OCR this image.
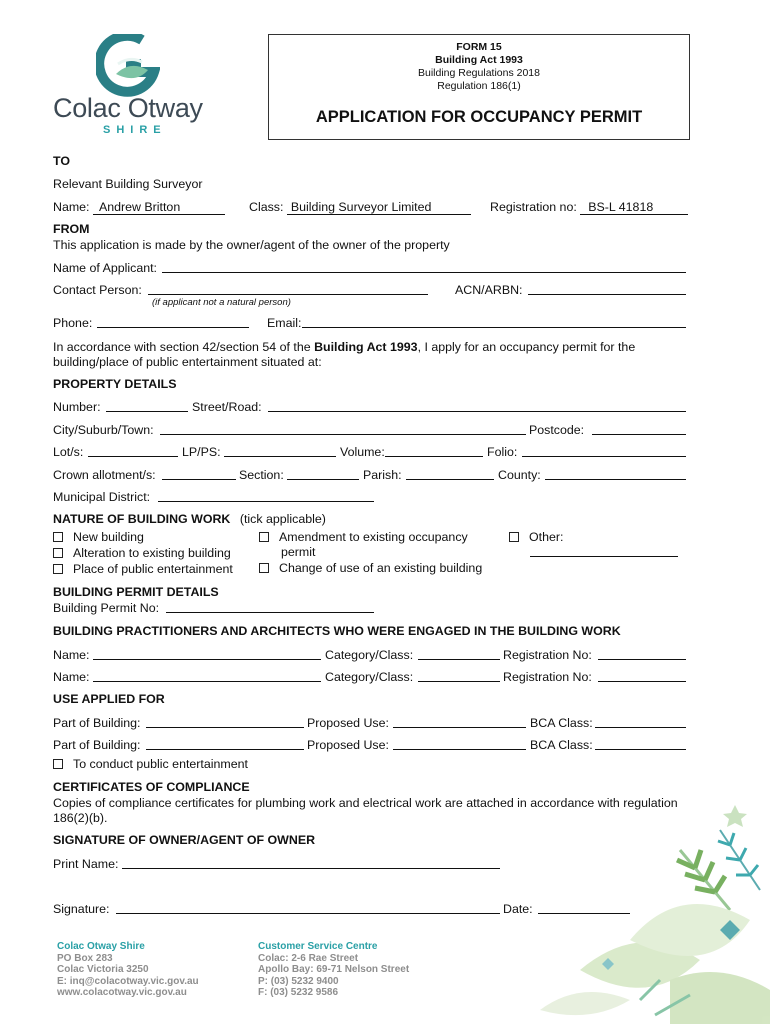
Colac Otway
SHIRE
FORM 15
Building Act 1993
Building Regulations 2018
Regulation 186(1)
APPLICATION FOR OCCUPANCY PERMIT
TO
Relevant Building Surveyor
Name: Andrew Britton	Class: Building Surveyor Limited	Registration no: BS-L 41818
FROM
This application is made by the owner/agent of the owner of the property
Name of Applicant:
Contact Person:
(if applicant not a natural person)
ACN/ARBN:
Phone:	Email:
In accordance with section 42/section 54 of the Building Act 1993, I apply for an occupancy permit for the
building/place of public entertainment situated at:
PROPERTY DETAILS
Number:	Street/Road:
City/Suburb/Town:	Postcode:
Lot/s:	LP/PS:	Volume:	Folio:
Crown allotment/s:	Section:	Parish:	County:
Municipal District:
NATURE OF BUILDING WORK (tick applicable)
New building
Alteration to existing building
Place of public entertainment
Amendment to existing occupancy
permit
Change of use of an existing building
Other:
BUILDING PERMIT DETAILS
Building Permit No:
BUILDING PRACTITIONERS AND ARCHITECTS WHO WERE ENGAGED IN THE BUILDING WORK
Name:	Category/Class:	Registration No:
Name:	Category/Class:	Registration No:
USE APPLIED FOR
Part of Building:	Proposed Use:	BCA Class:
Part of Building:	Proposed Use:	BCA Class:
To conduct public entertainment
CERTIFICATES OF COMPLIANCE
Copies of compliance certificates for plumbing work and electrical work are attached in accordance with regulation
186(2)(b).
SIGNATURE OF OWNER/AGENT OF OWNER
Print Name:
Signature:	Date:
Colac Otway Shire
PO Box 283
Colac Victoria 3250
E: inq@colacotway.vic.gov.au
www.colacotway.vic.gov.au
Customer Service Centre
Colac: 2-6 Rae Street
Apollo Bay: 69-71 Nelson Street
P: (03) 5232 9400
F: (03) 5232 9586
